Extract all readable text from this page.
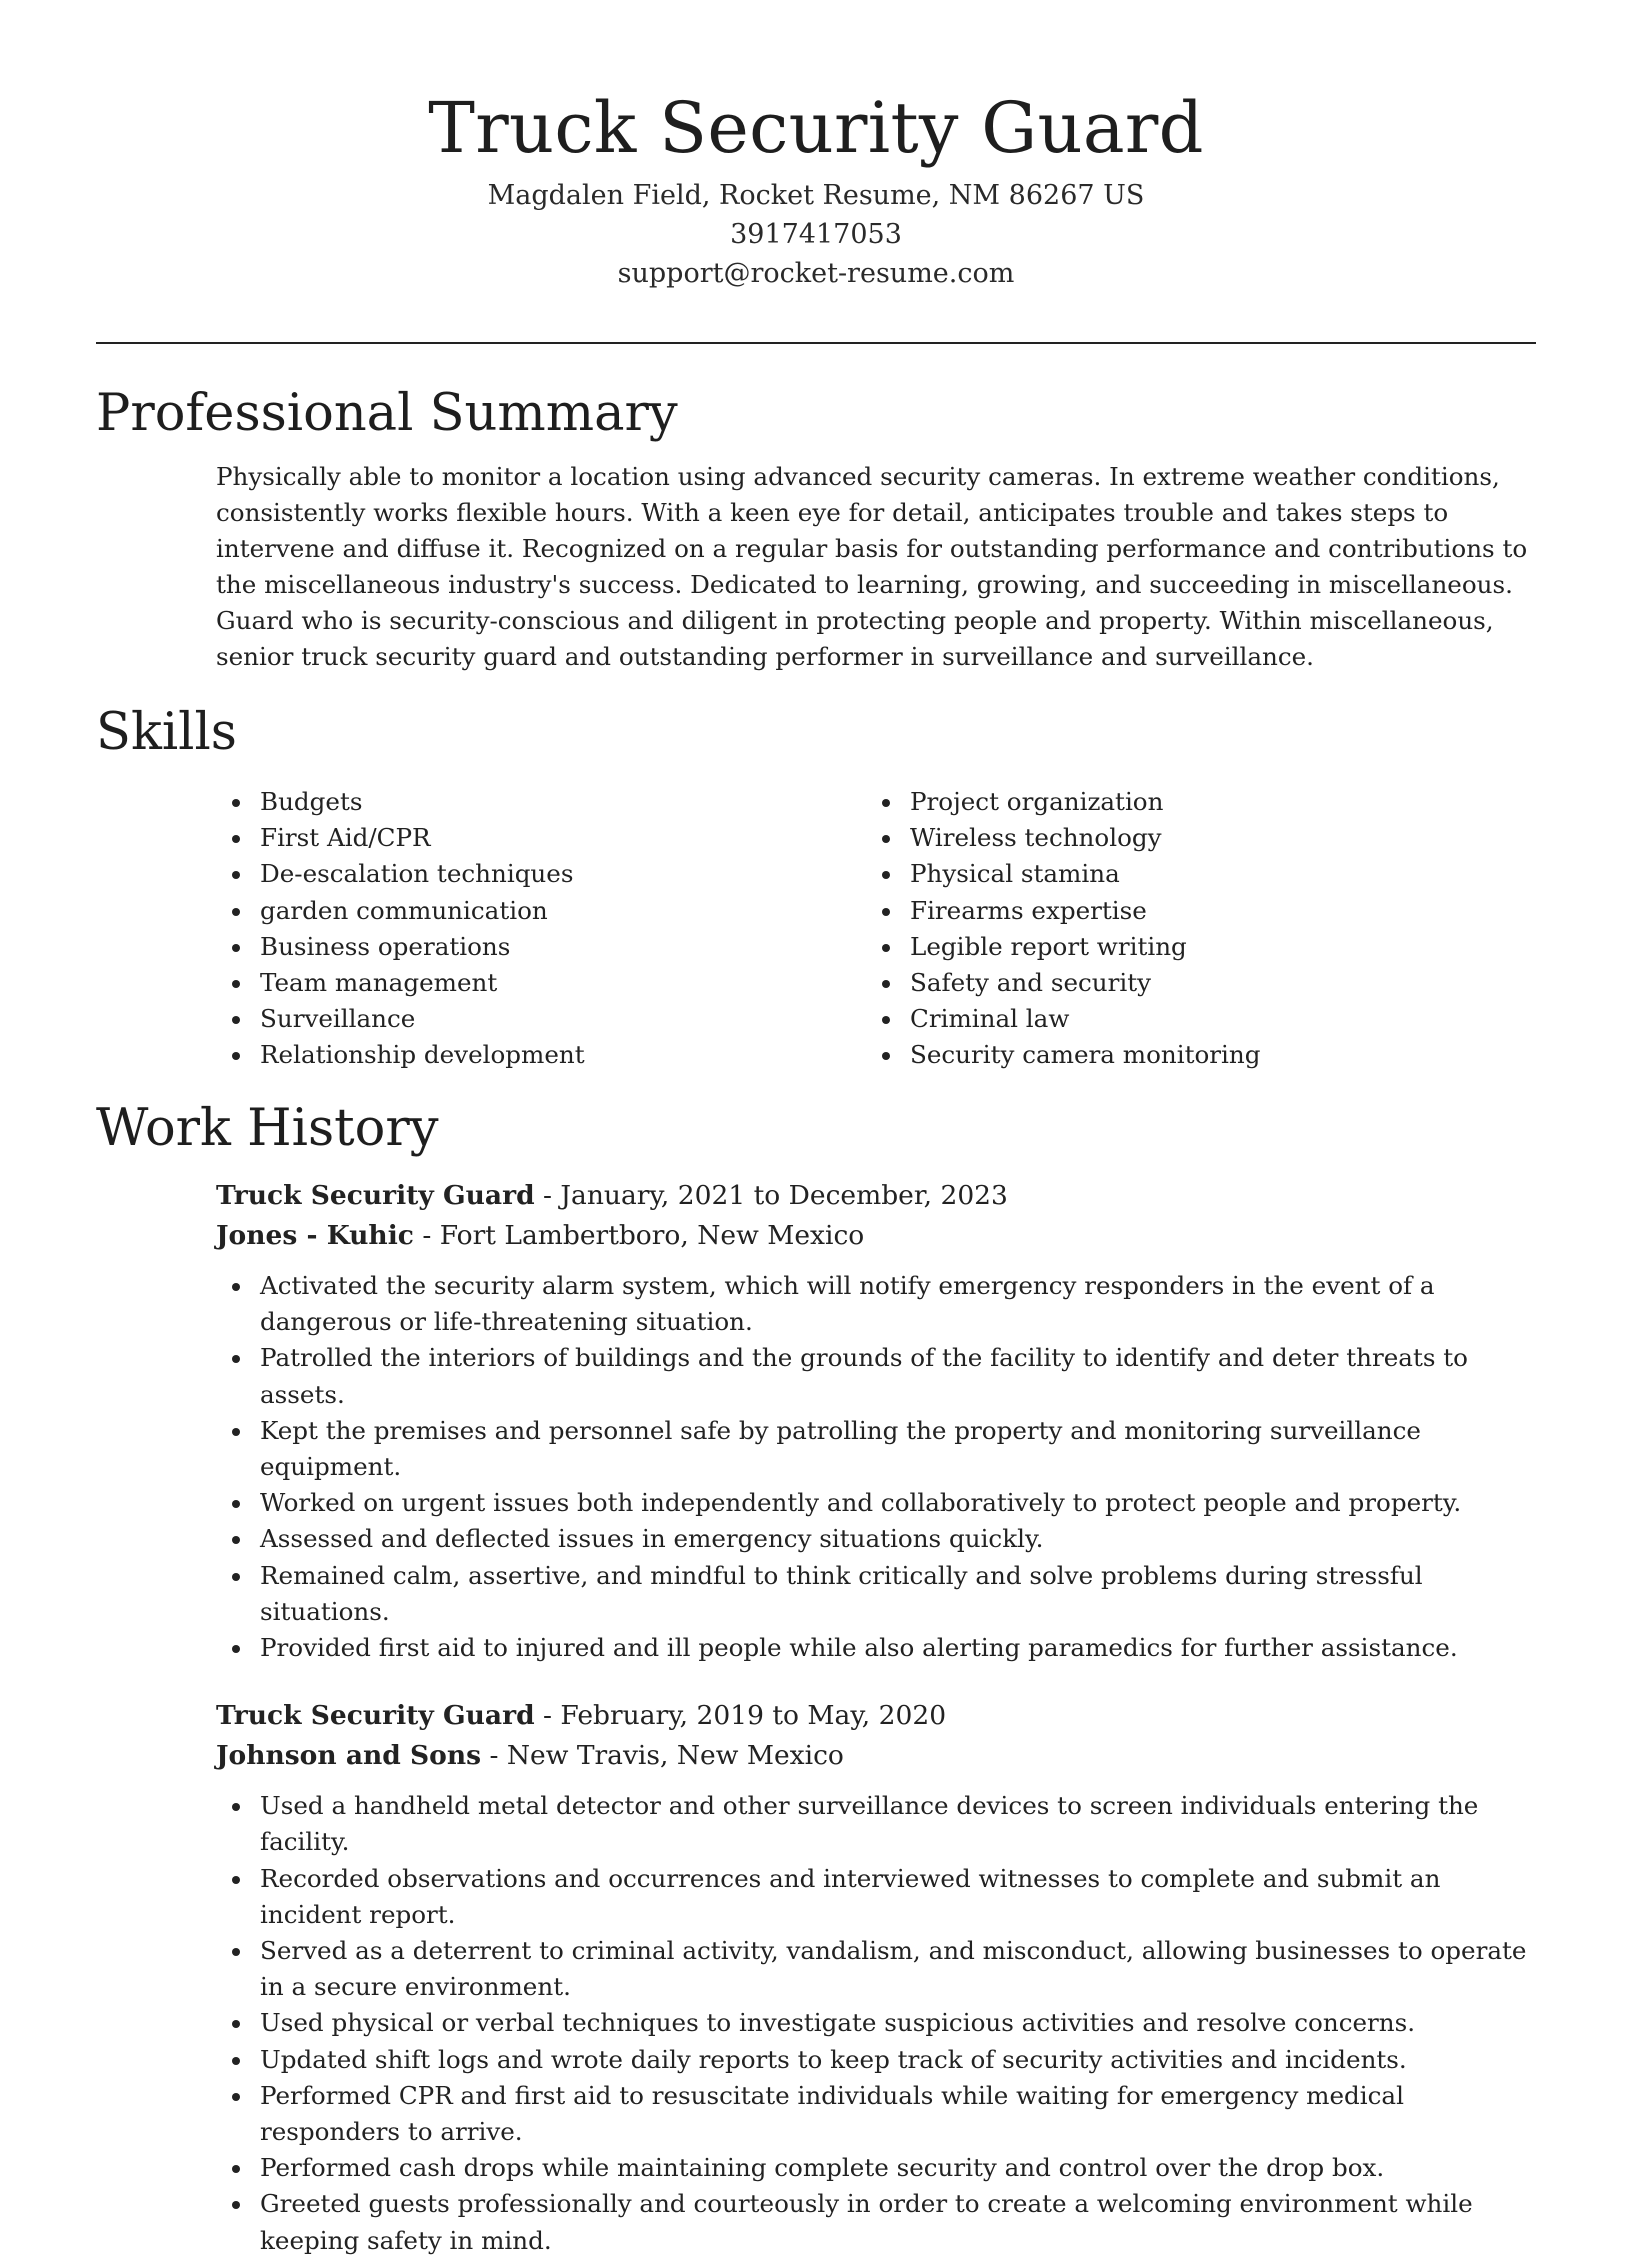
Truck Security Guard
Magdalen Field, Rocket Resume, NM 86267 US
3917417053
support@rocket-resume.com
Professional Summary
Physically able to monitor a location using advanced security cameras. In extreme weather conditions, consistently works flexible hours. With a keen eye for detail, anticipates trouble and takes steps to intervene and diffuse it. Recognized on a regular basis for outstanding performance and contributions to the miscellaneous industry's success. Dedicated to learning, growing, and succeeding in miscellaneous. Guard who is security-conscious and diligent in protecting people and property. Within miscellaneous, senior truck security guard and outstanding performer in surveillance and surveillance.
Skills
Budgets
First Aid/CPR
De-escalation techniques
garden communication
Business operations
Team management
Surveillance
Relationship development
Project organization
Wireless technology
Physical stamina
Firearms expertise
Legible report writing
Safety and security
Criminal law
Security camera monitoring
Work History
Truck Security Guard - January, 2021 to December, 2023
Jones - Kuhic - Fort Lambertboro, New Mexico
Activated the security alarm system, which will notify emergency responders in the event of a dangerous or life-threatening situation.
Patrolled the interiors of buildings and the grounds of the facility to identify and deter threats to assets.
Kept the premises and personnel safe by patrolling the property and monitoring surveillance equipment.
Worked on urgent issues both independently and collaboratively to protect people and property.
Assessed and deflected issues in emergency situations quickly.
Remained calm, assertive, and mindful to think critically and solve problems during stressful situations.
Provided first aid to injured and ill people while also alerting paramedics for further assistance.
Truck Security Guard - February, 2019 to May, 2020
Johnson and Sons - New Travis, New Mexico
Used a handheld metal detector and other surveillance devices to screen individuals entering the facility.
Recorded observations and occurrences and interviewed witnesses to complete and submit an incident report.
Served as a deterrent to criminal activity, vandalism, and misconduct, allowing businesses to operate in a secure environment.
Used physical or verbal techniques to investigate suspicious activities and resolve concerns.
Updated shift logs and wrote daily reports to keep track of security activities and incidents.
Performed CPR and first aid to resuscitate individuals while waiting for emergency medical responders to arrive.
Performed cash drops while maintaining complete security and control over the drop box.
Greeted guests professionally and courteously in order to create a welcoming environment while keeping safety in mind.
